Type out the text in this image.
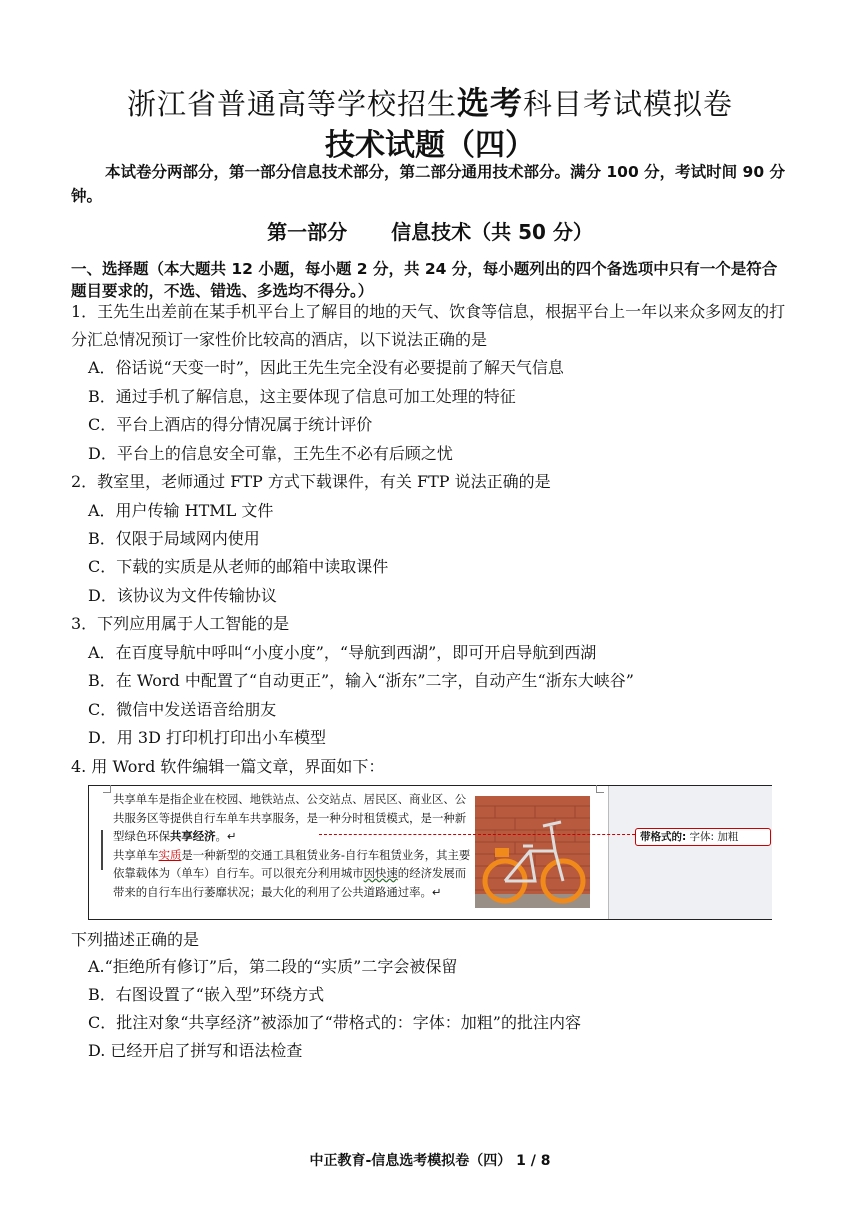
浙江省普通高等学校招生选考科目考试模拟卷
技术试题（四）
本试卷分两部分，第一部分信息技术部分，第二部分通用技术部分。满分 100 分，考试时间 90 分钟。
第一部分 信息技术（共 50 分）
一、选择题（本大题共 12 小题，每小题 2 分，共 24 分，每小题列出的四个备选项中只有一个是符合题目要求的，不选、错选、多选均不得分。）
1．王先生出差前在某手机平台上了解目的地的天气、饮食等信息，根据平台上一年以来众多网友的打分汇总情况预订一家性价比较高的酒店，以下说法正确的是
A．俗话说“天变一时”，因此王先生完全没有必要提前了解天气信息
B．通过手机了解信息，这主要体现了信息可加工处理的特征
C．平台上酒店的得分情况属于统计评价
D．平台上的信息安全可靠，王先生不必有后顾之忧
2．教室里，老师通过 FTP 方式下载课件，有关 FTP 说法正确的是
A．用户传输 HTML 文件
B．仅限于局域网内使用
C．下载的实质是从老师的邮箱中读取课件
D．该协议为文件传输协议
3．下列应用属于人工智能的是
A．在百度导航中呼叫“小度小度”，“导航到西湖”，即可开启导航到西湖
B．在 Word 中配置了“自动更正”，输入“浙东”二字，自动产生“浙东大峡谷”
C．微信中发送语音给朋友
D．用 3D 打印机打印出小车模型
4. 用 Word 软件编辑一篇文章，界面如下：

共享单车是指企业在校园、地铁站点、公交站点、居民区、商业区、公共服务区等提供自行车单车共享服务，是一种分时租赁模式，是一种新型绿色环保共享经济。↵

共享单车实质是一种新型的交通工具租赁业务-自行车租赁业务，其主要依靠载体为（单车）自行车。可以很充分利用城市因快速的经济发展而带来的自行车出行萎靡状况；最大化的利用了公共道路通过率。↵

带格式的: 字体: 加粗
下列描述正确的是
A.“拒绝所有修订”后，第二段的“实质”二字会被保留
B．右图设置了“嵌入型”环绕方式
C．批注对象“共享经济”被添加了“带格式的：字体：加粗”的批注内容
D. 已经开启了拼写和语法检查
中正教育-信息选考模拟卷（四） 1 / 8
